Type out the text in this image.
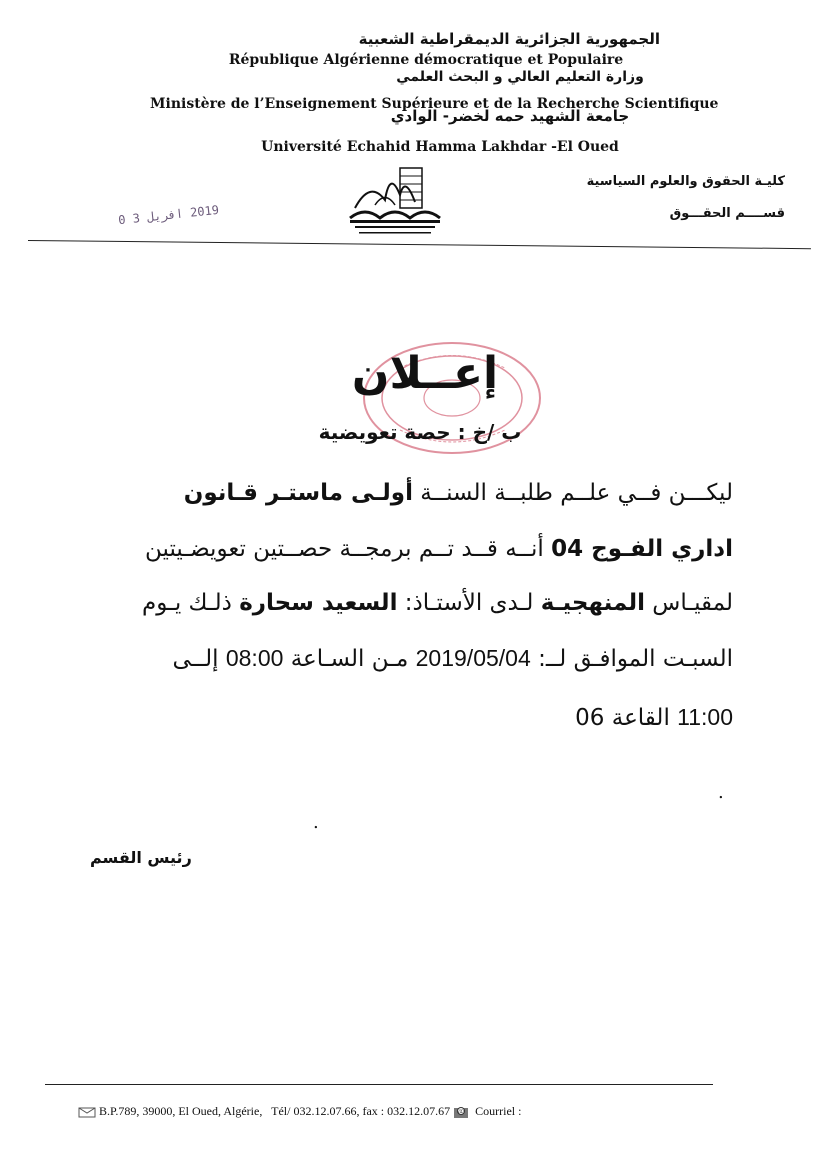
الجمهورية الجزائرية الديمقراطية الشعبية
République Algérienne démocratique et Populaire
وزارة التعليم العالي و البحث العلمي
Ministère de l’Enseignement Supérieure et de la Recherche Scientifique
جامعة الشهيد حمه لخضر- الوادي
Université Echahid Hamma Lakhdar -El Oued
كليـة الحقوق والعلوم السياسية
قســــم الحقـــوق
2019 افريل 3 0
إعــلان
ب /خ : حصة تعويضية
ليكـــن فــي علــم طلبــة السنــة أولـى ماستـر قـانون
اداري الفـوج 04 أنــه قــد تــم برمجــة حصــتين تعويضـيتين
لمقيـاس المنهجيـة لـدى الأستـاذ: السعيد سحارة ذلـك يـوم
السبـت الموافـق لــ: 2019/05/04 مـن السـاعة 08:00 إلــى
11:00 القاعة 06
.
.
رئيس القسم
B.P.789, 39000, El Oued, Algérie, Tél/ 032.12.07.66, fax : 032.12.07.67 @ Courriel :
